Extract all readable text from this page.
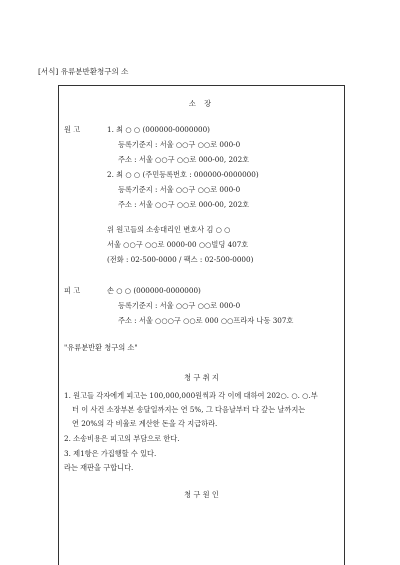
[서식] 유류분반환청구의 소
소 장
원 고	1. 최 ○ ○ (000000-0000000)
등록기준지 : 서울 ○○구 ○○로 000-0
주소 : 서울 ○○구 ○○로 000-00, 202호
2. 최 ○ ○ (주민등록번호 : 000000-0000000)
등록기준지 : 서울 ○○구 ○○로 000-0
주소 : 서울 ○○구 ○○로 000-00, 202호
위 원고들의 소송대리인 변호사 김 ○ ○
서울 ○○구 ○○로 0000-00 ○○빌딩 407호
(전화 : 02-500-0000 / 팩스 : 02-500-0000)
피 고	손 ○ ○ (000000-0000000)
등록기준지 : 서울 ○○구 ○○로 000-0
주소 : 서울 ○○○구 ○○로 000 ○○프라자 나동 307호
"유류분반환 청구의 소"
청 구 취 지
1. 원고들 각자에게 피고는 100,000,000원씩과 각 이에 대하여 202○. ○. ○.부
터 이 사건 소장부본 송달일까지는 연 5%, 그 다음날부터 다 갚는 날까지는
연 20%의 각 비율로 계산한 돈을 각 지급하라.
2. 소송비용은 피고의 부담으로 한다.
3. 제1항은 가집행할 수 있다.
라는 재판을 구합니다.
청 구 원 인
